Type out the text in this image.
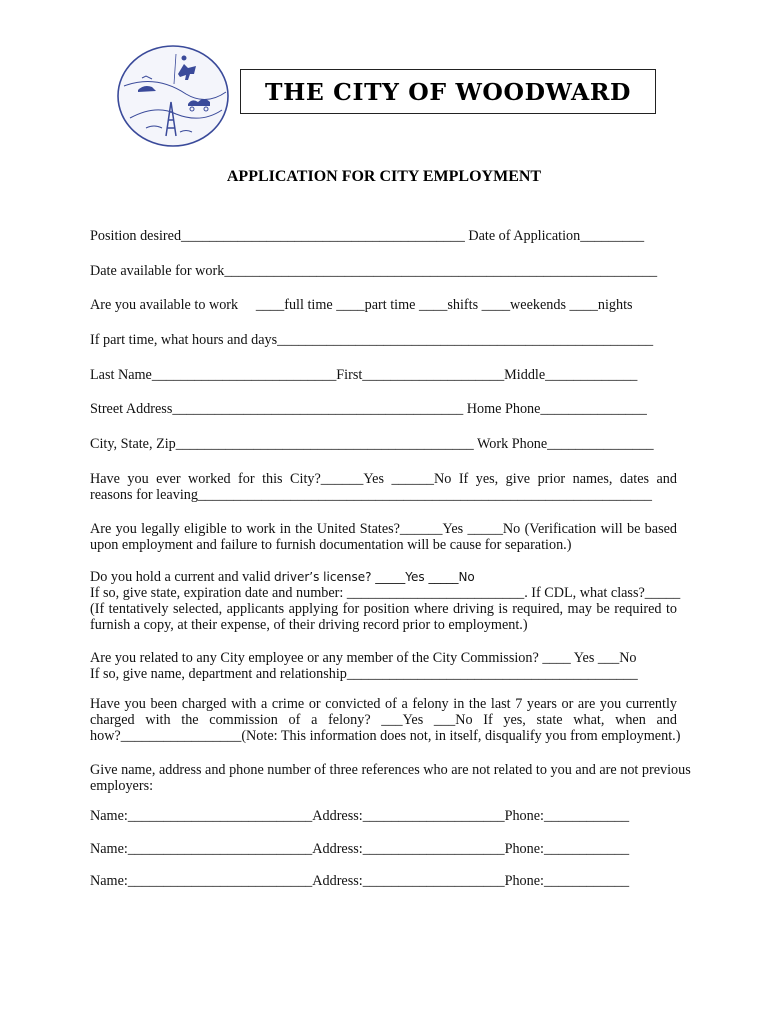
THE CITY OF WOODWARD
APPLICATION FOR CITY EMPLOYMENT
Position desired________________________________________ Date of Application_________
Date available for work_____________________________________________________________
Are you available to work     ____full time ____part time ____shifts ____weekends ____nights
If part time, what hours and days_____________________________________________________
Last Name__________________________First____________________Middle_____________
Street Address_________________________________________ Home Phone_______________
City, State, Zip__________________________________________ Work Phone_______________
Have you ever worked for this City?______Yes ______No If yes, give prior names, dates and
reasons for leaving________________________________________________________________
Are you legally eligible to work in the United States?______Yes _____No (Verification will be based
upon employment and failure to furnish documentation will be cause for separation.)
Do you hold a current and valid driver’s license? _____Yes _____No
If so, give state, expiration date and number: _________________________. If CDL, what class?_____
(If tentatively selected, applicants applying for position where driving is required, may be required to
furnish a copy, at their expense, of their driving record prior to employment.)
Are you related to any City employee or any member of the City Commission? ____ Yes ___No
If so, give name, department and relationship_________________________________________
Have you been charged with a crime or convicted of a felony in the last 7 years or are you currently
charged with the commission of a felony? ___Yes ___No If yes, state what, when and
how?_________________(Note: This information does not, in itself, disqualify you from employment.)
Give name, address and phone number of three references who are not related to you and are not previous
employers:
Name:__________________________Address:____________________Phone:____________
Name:__________________________Address:____________________Phone:____________
Name:__________________________Address:____________________Phone:____________
